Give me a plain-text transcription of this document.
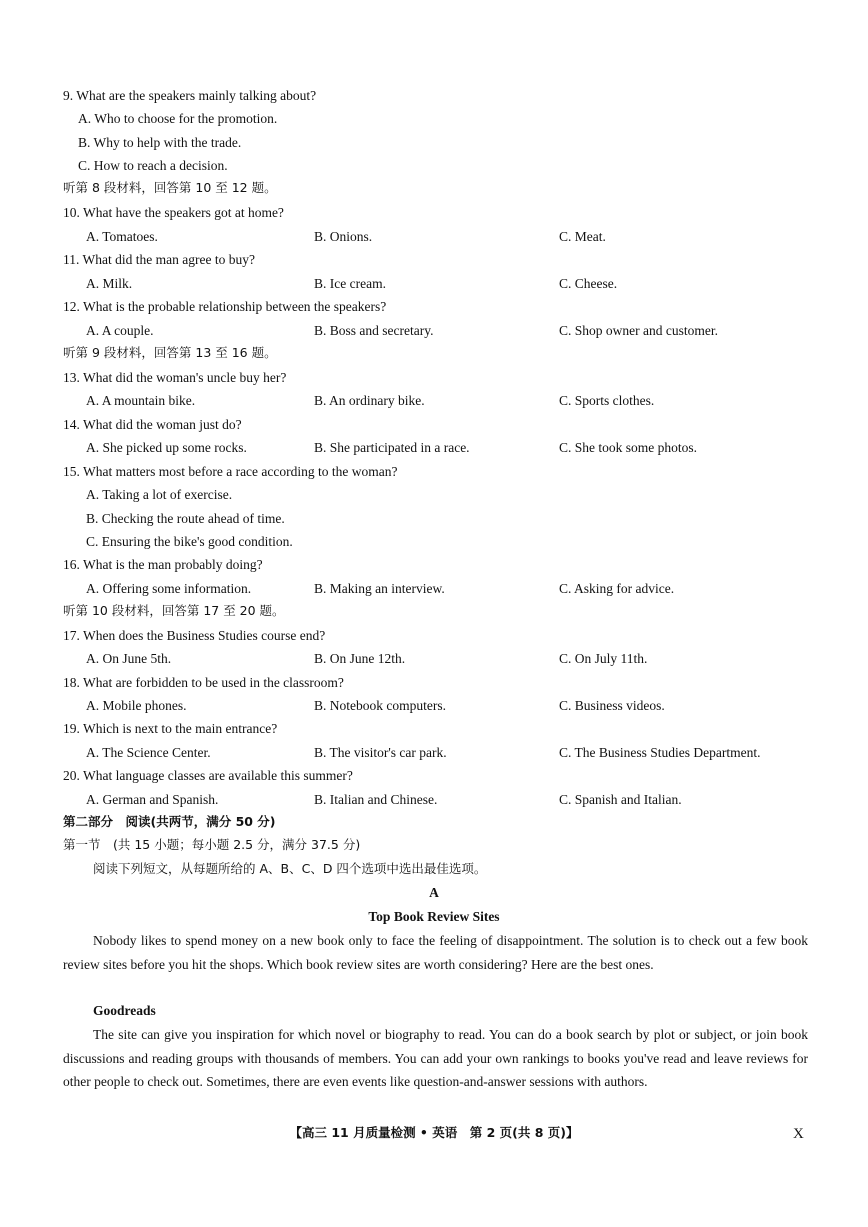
9. What are the speakers mainly talking about?
A. Who to choose for the promotion.
B. Why to help with the trade.
C. How to reach a decision.
听第 8 段材料，回答第 10 至 12 题。
10. What have the speakers got at home?
A. Tomatoes.	B. Onions.	C. Meat.
11. What did the man agree to buy?
A. Milk.	B. Ice cream.	C. Cheese.
12. What is the probable relationship between the speakers?
A. A couple.	B. Boss and secretary.	C. Shop owner and customer.
听第 9 段材料，回答第 13 至 16 题。
13. What did the woman's uncle buy her?
A. A mountain bike.	B. An ordinary bike.	C. Sports clothes.
14. What did the woman just do?
A. She picked up some rocks.	B. She participated in a race.	C. She took some photos.
15. What matters most before a race according to the woman?
A. Taking a lot of exercise.
B. Checking the route ahead of time.
C. Ensuring the bike's good condition.
16. What is the man probably doing?
A. Offering some information.	B. Making an interview.	C. Asking for advice.
听第 10 段材料，回答第 17 至 20 题。
17. When does the Business Studies course end?
A. On June 5th.	B. On June 12th.	C. On July 11th.
18. What are forbidden to be used in the classroom?
A. Mobile phones.	B. Notebook computers.	C. Business videos.
19. Which is next to the main entrance?
A. The Science Center.	B. The visitor's car park.	C. The Business Studies Department.
20. What language classes are available this summer?
A. German and Spanish.	B. Italian and Chinese.	C. Spanish and Italian.
第二部分　阅读(共两节，满分 50 分)
第一节　(共 15 小题；每小题 2.5 分，满分 37.5 分)
阅读下列短文，从每题所给的 A、B、C、D 四个选项中选出最佳选项。
A
Top Book Review Sites
Nobody likes to spend money on a new book only to face the feeling of disappointment. The solution is to check out a few book review sites before you hit the shops. Which book review sites are worth considering? Here are the best ones.
Goodreads
The site can give you inspiration for which novel or biography to read. You can do a book search by plot or subject, or join book discussions and reading groups with thousands of members. You can add your own rankings to books you've read and leave reviews for other people to check out. Sometimes, there are even events like question-and-answer sessions with authors.
【高三 11 月质量检测 • 英语　第 2 页(共 8 页)】	X
